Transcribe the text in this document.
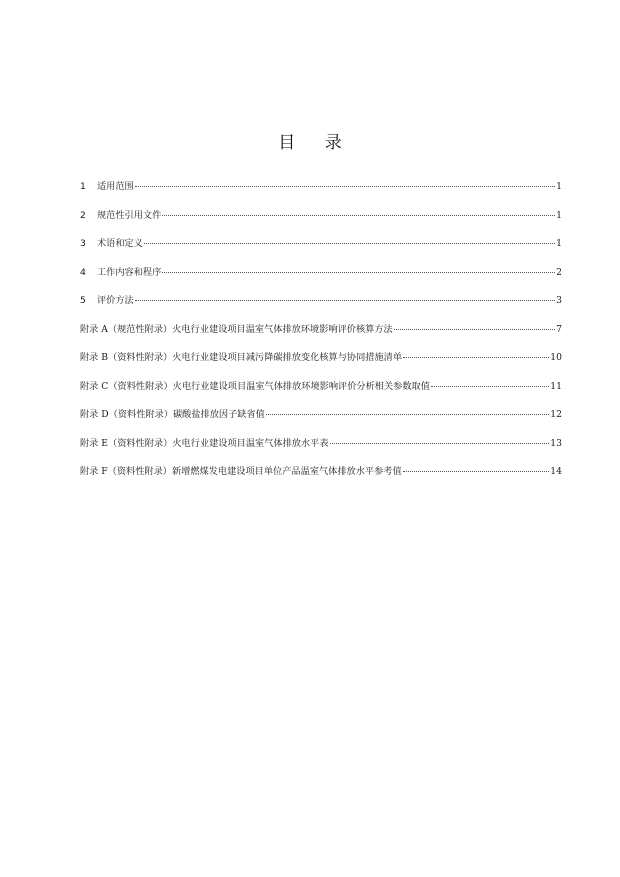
目 录
1	适用范围	1
2	规范性引用文件	1
3	术语和定义	1
4	工作内容和程序	2
5	评价方法	3
附录 A（规范性附录）火电行业建设项目温室气体排放环境影响评价核算方法	7
附录 B（资料性附录）火电行业建设项目减污降碳排放变化核算与协同措施清单	10
附录 C（资料性附录）火电行业建设项目温室气体排放环境影响评价分析相关参数取值	11
附录 D（资料性附录）碳酸盐排放因子缺省值	12
附录 E（资料性附录）火电行业建设项目温室气体排放水平表	13
附录 F（资料性附录）新增燃煤发电建设项目单位产品温室气体排放水平参考值	14
